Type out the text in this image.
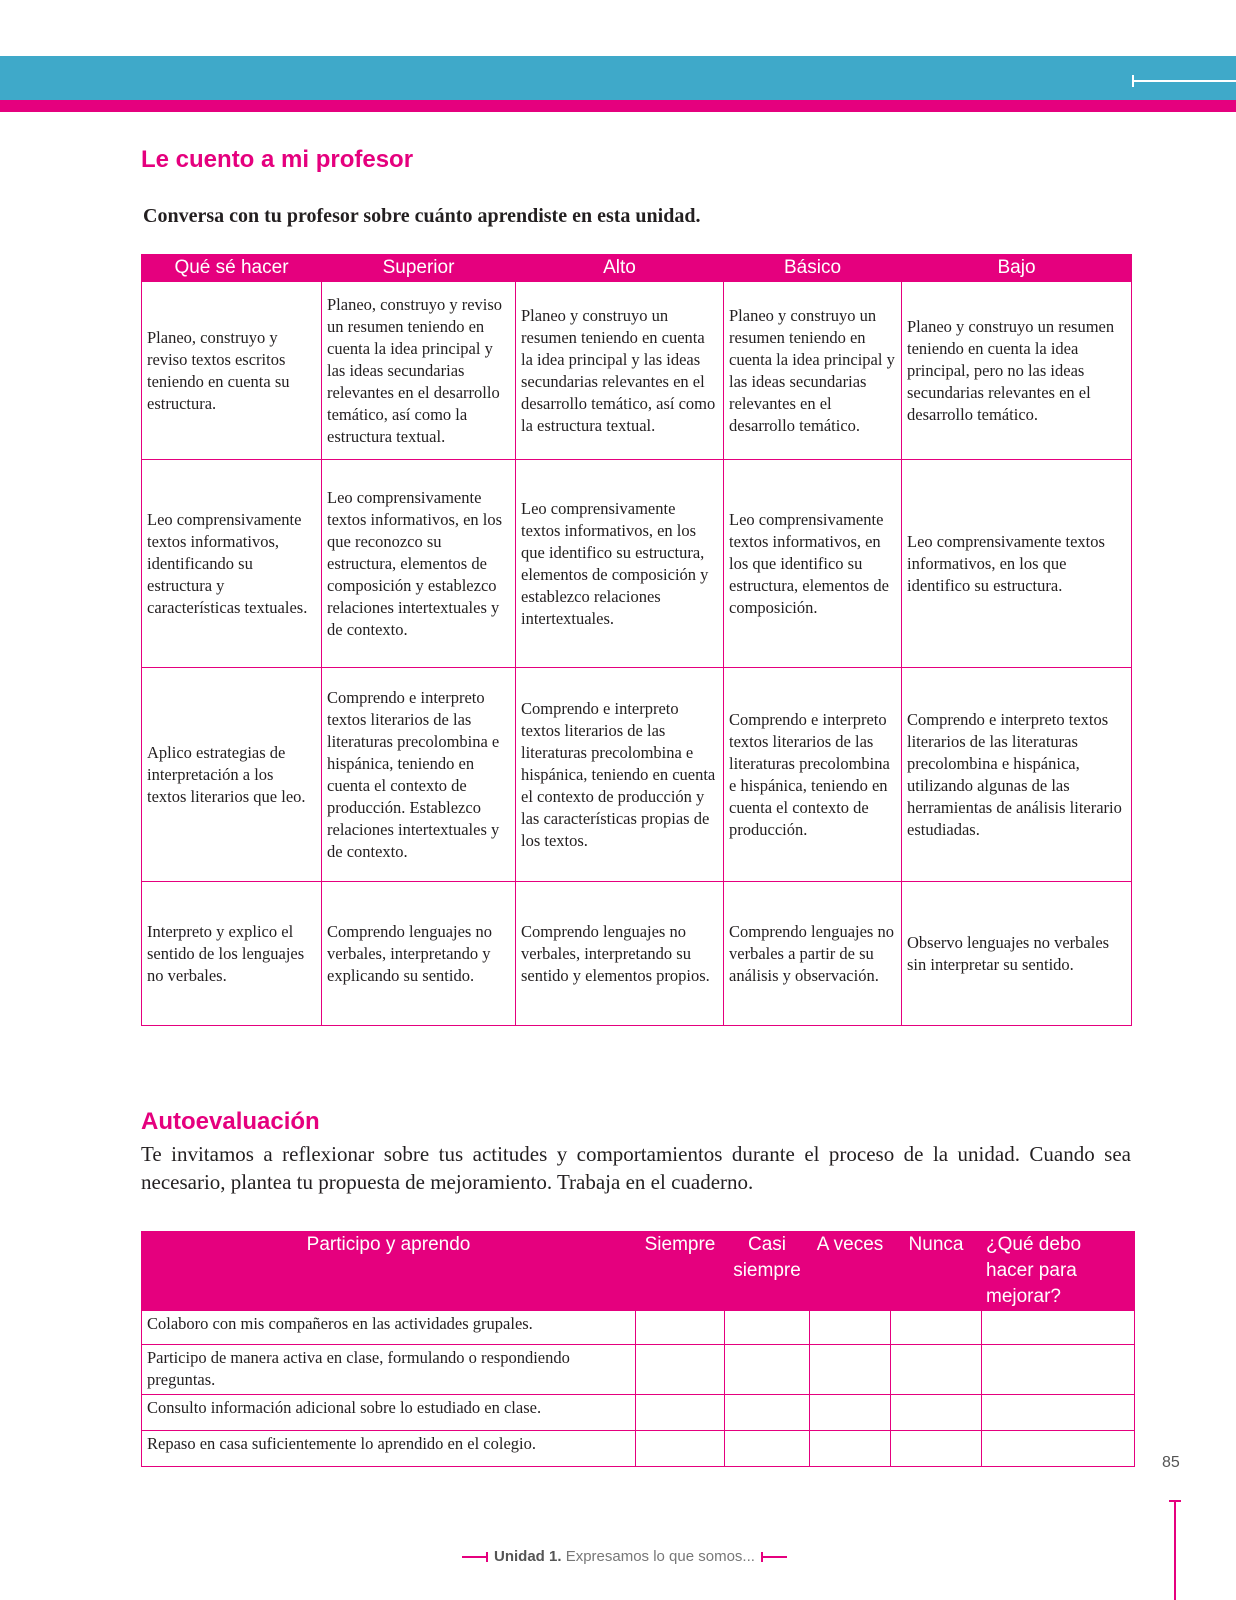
Le cuento a mi profesor

Conversa con tu profesor sobre cuánto aprendiste en esta unidad.

Qué sé hacer	Superior	Alto	Básico	Bajo
Planeo, construyo y reviso textos escritos teniendo en cuenta su estructura.	Planeo, construyo y reviso un resumen teniendo en cuenta la idea principal y las ideas secundarias relevantes en el desarrollo temático, así como la estructura textual.	Planeo y construyo un resumen teniendo en cuenta la idea principal y las ideas secundarias relevantes en el desarrollo temático, así como la estructura textual.	Planeo y construyo un resumen teniendo en cuenta la idea principal y las ideas secundarias relevantes en el desarrollo temático.	Planeo y construyo un resumen teniendo en cuenta la idea principal, pero no las ideas secundarias relevantes en el desarrollo temático.
Leo comprensivamente textos informativos, identificando su estructura y características textuales.	Leo comprensivamente textos informativos, en los que reconozco su estructura, elementos de composición y establezco relaciones intertextuales y de contexto.	Leo comprensivamente textos informativos, en los que identifico su estructura, elementos de composición y establezco relaciones intertextuales.	Leo comprensivamente textos informativos, en los que identifico su estructura, elementos de composición.	Leo comprensivamente textos informativos, en los que identifico su estructura.
Aplico estrategias de interpretación a los textos literarios que leo.	Comprendo e interpreto textos literarios de las literaturas precolombina e hispánica, teniendo en cuenta el contexto de producción. Establezco relaciones intertextuales y de contexto.	Comprendo e interpreto textos literarios de las literaturas precolombina e hispánica, teniendo en cuenta el contexto de producción y las características propias de los textos.	Comprendo e interpreto textos literarios de las literaturas precolombina e hispánica, teniendo en cuenta el contexto de producción.	Comprendo e interpreto textos literarios de las literaturas precolombina e hispánica, utilizando algunas de las herramientas de análisis literario estudiadas.
Interpreto y explico el sentido de los lenguajes no verbales.	Comprendo lenguajes no verbales, interpretando y explicando su sentido.	Comprendo lenguajes no verbales, interpretando su sentido y elementos propios.	Comprendo lenguajes no verbales a partir de su análisis y observación.	Observo lenguajes no verbales sin interpretar su sentido.
Autoevaluación

Te invitamos a reflexionar sobre tus actitudes y comportamientos durante el proceso de la unidad. Cuando sea necesario, plantea tu propuesta de mejoramiento. Trabaja en el cuaderno.

Participo y aprendo	Siempre	Casi siempre	A veces	Nunca	¿Qué debo hacer para mejorar?
Colaboro con mis compañeros en las actividades grupales.					
Participo de manera activa en clase, formulando o respondiendo preguntas.					
Consulto información adicional sobre lo estudiado en clase.					
Repaso en casa suficientemente lo aprendido en el colegio.					

85

Unidad 1. Expresamos lo que somos...
